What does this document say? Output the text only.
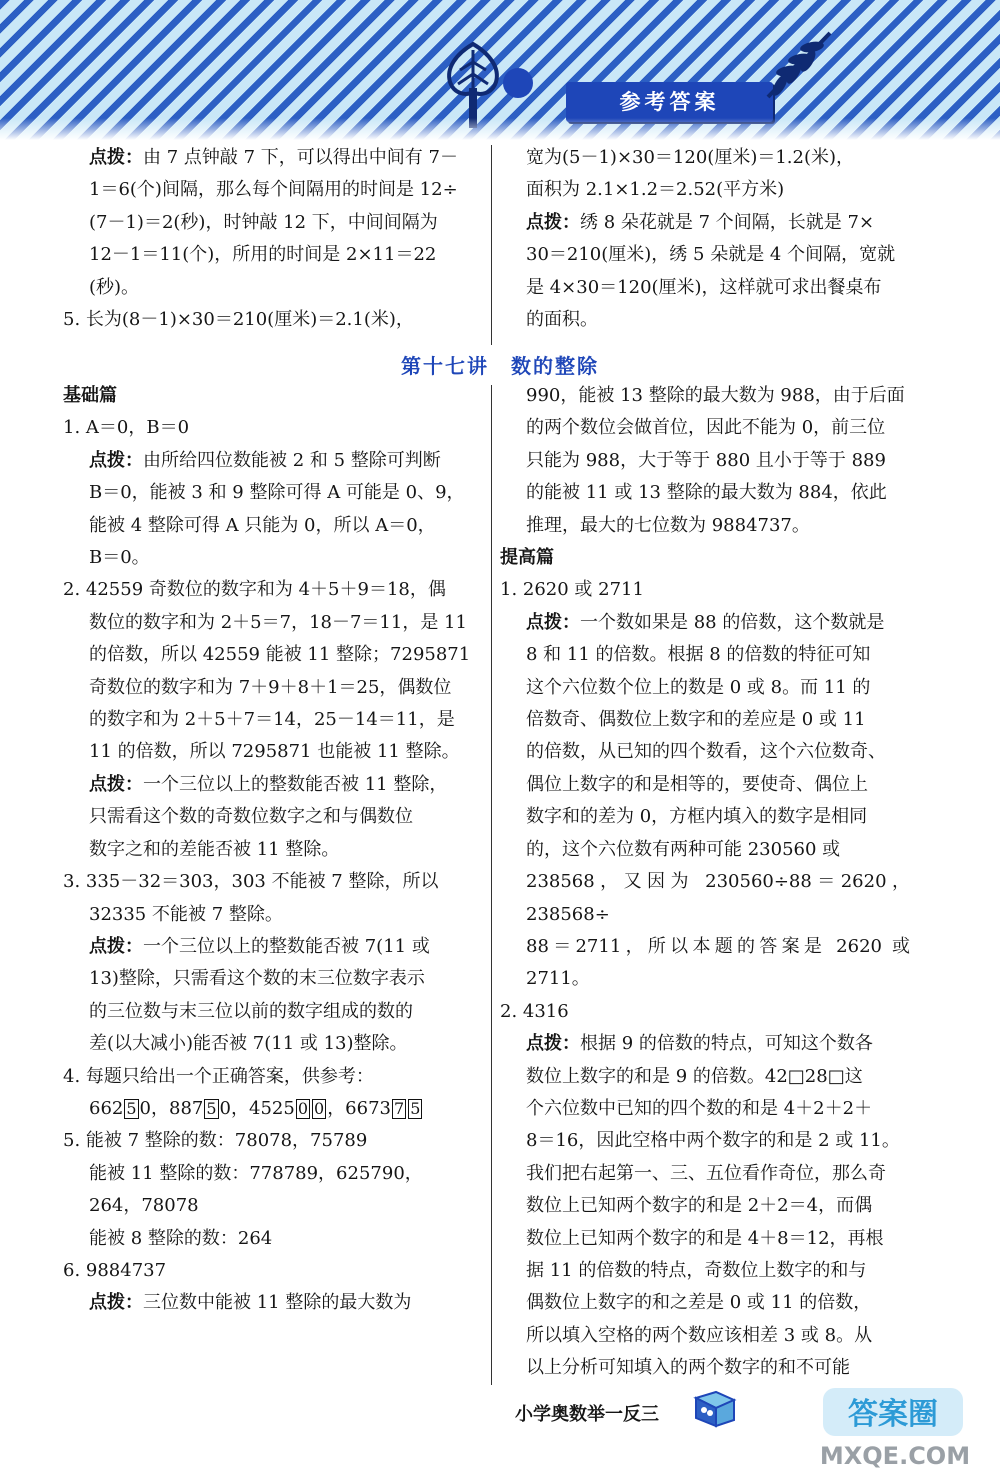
参考答案

点拨：由 7 点钟敲 7 下，可以得出中间有 7－

1＝6(个)间隔，那么每个间隔用的时间是 12÷

(7－1)＝2(秒)，时钟敲 12 下，中间间隔为

12－1＝11(个)，所用的时间是 2×11＝22

(秒)。

5. 长为(8－1)×30＝210(厘米)＝2.1(米)，

宽为(5－1)×30＝120(厘米)＝1.2(米)，

面积为 2.1×1.2＝2.52(平方米)

点拨：绣 8 朵花就是 7 个间隔，长就是 7×

30＝210(厘米)，绣 5 朵就是 4 个间隔，宽就

是 4×30＝120(厘米)，这样就可求出餐桌布

的面积。

第十七讲　数的整除

基础篇

1. A＝0，B＝0

点拨：由所给四位数能被 2 和 5 整除可判断

B＝0，能被 3 和 9 整除可得 A 可能是 0、9，

能被 4 整除可得 A 只能为 0，所以 A＝0，

B＝0。

2. 42559 奇数位的数字和为 4＋5＋9＝18，偶

数位的数字和为 2＋5＝7，18－7＝11，是 11

的倍数，所以 42559 能被 11 整除；7295871

奇数位的数字和为 7＋9＋8＋1＝25，偶数位

的数字和为 2＋5＋7＝14，25－14＝11，是

11 的倍数，所以 7295871 也能被 11 整除。

点拨：一个三位以上的整数能否被 11 整除，

只需看这个数的奇数位数字之和与偶数位

数字之和的差能否被 11 整除。

3. 335－32＝303，303 不能被 7 整除，所以

32335 不能被 7 整除。

点拨：一个三位以上的整数能否被 7(11 或

13)整除，只需看这个数的末三位数字表示

的三位数与末三位以前的数字组成的数的

差(以大减小)能否被 7(11 或 13)整除。

4. 每题只给出一个正确答案，供参考：

662 5 0，887 5 0，4525 0 0 ，6673 7 5

5. 能被 7 整除的数：78078，75789

能被 11 整除的数：778789，625790，

264，78078

能被 8 整除的数：264

6. 9884737

点拨：三位数中能被 11 整除的最大数为

990，能被 13 整除的最大数为 988，由于后面

的两个数位会做首位，因此不能为 0，前三位

只能为 988，大于等于 880 且小于等于 889

的能被 11 或 13 整除的最大数为 884，依此

推理，最大的七位数为 9884737。

提高篇

1. 2620 或 2711

点拨：一个数如果是 88 的倍数，这个数就是

8 和 11 的倍数。根据 8 的倍数的特征可知

这个六位数个位上的数是 0 或 8。而 11 的

倍数奇、偶数位上数字和的差应是 0 或 11

的倍数，从已知的四个数看，这个六位数奇、

偶位上数字的和是相等的，要使奇、偶位上

数字和的差为 0，方框内填入的数字是相同

的，这个六位数有两种可能 230560 或

238568，又因为 230560÷88＝2620，238568÷

88＝2711，所以本题的答案是 2620 或 2711。

2. 4316

点拨：根据 9 的倍数的特点，可知这个数各

数位上数字的和是 9 的倍数。42□28□这

个六位数中已知的四个数的和是 4＋2＋2＋

8＝16，因此空格中两个数字的和是 2 或 11。

我们把右起第一、三、五位看作奇位，那么奇

数位上已知两个数字的和是 2＋2＝4，而偶

数位上已知两个数字的和是 4＋8＝12，再根

据 11 的倍数的特点，奇数位上数字的和与

偶数位上数字的和之差是 0 或 11 的倍数，

所以填入空格的两个数应该相差 3 或 8。从

以上分析可知填入的两个数字的和不可能

小学奥数举一反三	答案圈
MXQE.COM
